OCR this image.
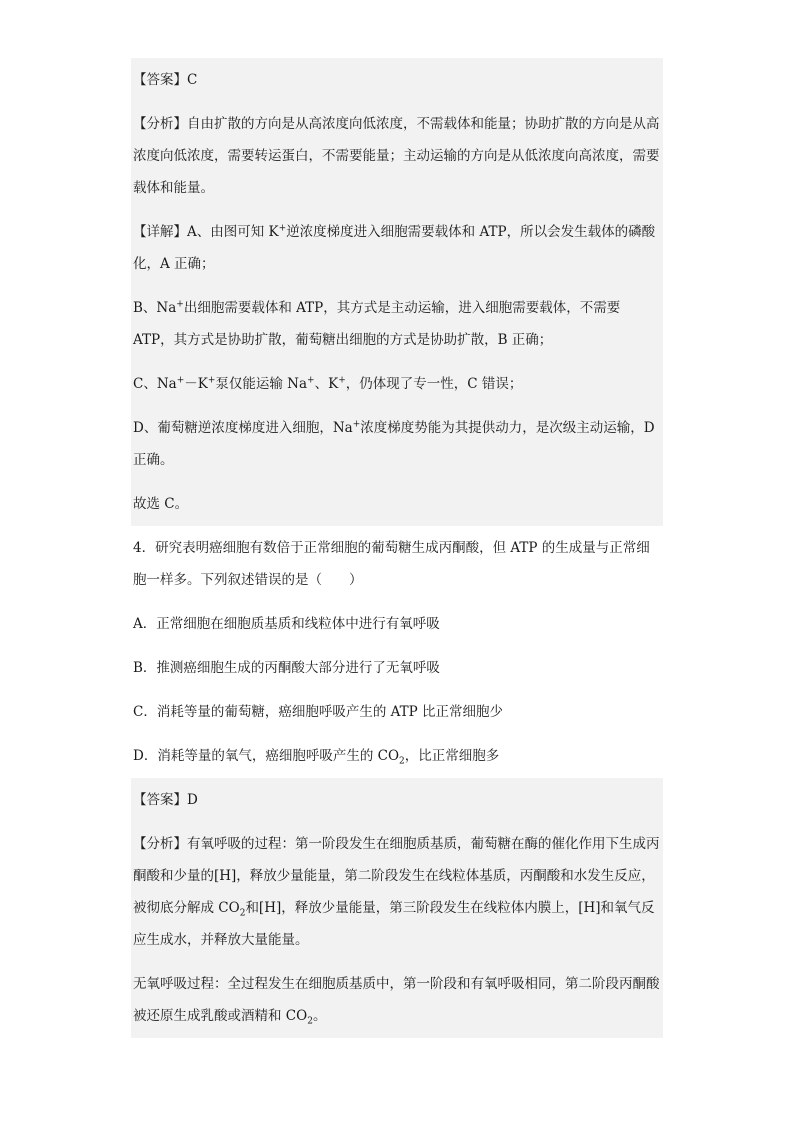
【答案】C

【分析】自由扩散的方向是从高浓度向低浓度，不需载体和能量；协助扩散的方向是从高浓度向低浓度，需要转运蛋白，不需要能量；主动运输的方向是从低浓度向高浓度，需要载体和能量。

【详解】A、由图可知 K+逆浓度梯度进入细胞需要载体和 ATP，所以会发生载体的磷酸化，A 正确；

B、Na+出细胞需要载体和 ATP，其方式是主动运输，进入细胞需要载体，不需要 ATP，其方式是协助扩散，葡萄糖出细胞的方式是协助扩散，B 正确；

C、Na+－K+泵仅能运输 Na+、K+，仍体现了专一性，C 错误；

D、葡萄糖逆浓度梯度进入细胞，Na+浓度梯度势能为其提供动力，是次级主动运输，D 正确。

故选 C。

4．研究表明癌细胞有数倍于正常细胞的葡萄糖生成丙酮酸，但 ATP 的生成量与正常细胞一样多。下列叙述错误的是（　　）

A．正常细胞在细胞质基质和线粒体中进行有氧呼吸

B．推测癌细胞生成的丙酮酸大部分进行了无氧呼吸

C．消耗等量的葡萄糖，癌细胞呼吸产生的 ATP 比正常细胞少

D．消耗等量的氧气，癌细胞呼吸产生的 $CO_2$，比正常细胞多

【答案】D

【分析】有氧呼吸的过程：第一阶段发生在细胞质基质，葡萄糖在酶的催化作用下生成丙酮酸和少量的[H]，释放少量能量，第二阶段发生在线粒体基质，丙酮酸和水发生反应，被彻底分解成 $CO_2$和[H]，释放少量能量，第三阶段发生在线粒体内膜上，[H]和氧气反应生成水，并释放大量能量。

无氧呼吸过程：全过程发生在细胞质基质中，第一阶段和有氧呼吸相同，第二阶段丙酮酸被还原生成乳酸或酒精和 $CO_2$。
